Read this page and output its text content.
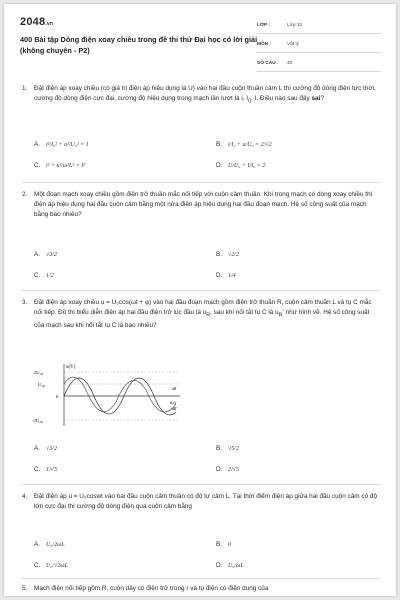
2048.vn
400 Bài tập Dòng điện xoay chiều trong đề thi thử Đại học có lời giải (không chuyên - P2)
LỚP :	Lớp 12
MÔN :	Vật lý
SỐ CÂU : 40
1. Đặt điện áp xoay chiều (có giá trị điện áp hiệu dụng là U) vào hai đầu cuộn thuần cảm L thì cường độ dòng điện tức thời, cường độ dòng điện cực đại, cường độ hiệu dụng trong mạch lần lượt là i, $I_0$, I. Điều nào sau đây sai?
A. i²/I₀² + u²/U₀² = 1	B. i/I₀ + u/U₀ = 2/√2
C. i² + u²/ω²L² = I²	D. U/U₀ + I/I₀ = 2
2. Một đoạn mạch xoay chiều gồm điện trở thuần mắc nối tiếp với cuộn cảm thuần. Khi trong mạch có dòng xoay chiều thì điện áp hiệu dụng hai đầu cuộn cảm bằng một nửa điện áp hiệu dụng hai đầu đoạn mạch. Hệ số công suất của mạch bằng bao nhiêu?
A. √3/2	B. √2/2
C. 1/2	D. 1/4
3. Đặt điện áp xoay chiều u = U₀cos(ωt + φ) vào hai đầu đoạn mạch gồm điện trở thuần R, cuộn cảm thuần L và tụ C mắc nối tiếp. Đồ thị biểu diễn điện áp hai đầu điện trở lúc đầu là $u_R$, sau khi nối tắt tụ C là $u_R'$ như hình vẽ. Hệ số công suất của mạch sau khi nối tắt tụ C là bao nhiêu?
u(V)
t(s)
$2U_{oR}$
$U_{oR}$
0
$-2U_{oR}$
uR
uR'
A. √3/2	B. √5/2
C. 1/√5	D. 2/√5
4. Đặt điện áp u = U₀coswt vào hai đầu cuộn cảm thuần có độ tự cảm L. Tại thời điểm điện áp giữa hai đầu cuộn cảm có độ lớn cực đại thì cường độ dòng điện qua cuộn cảm bằng
A. U₀/2ωL	B. 0
C. U₀/√2ωL	D. U₀/ωL
5. Mạch điện nối tiếp gồm R, cuộn dây có điện trở trong r và tụ điện có điện dung của
